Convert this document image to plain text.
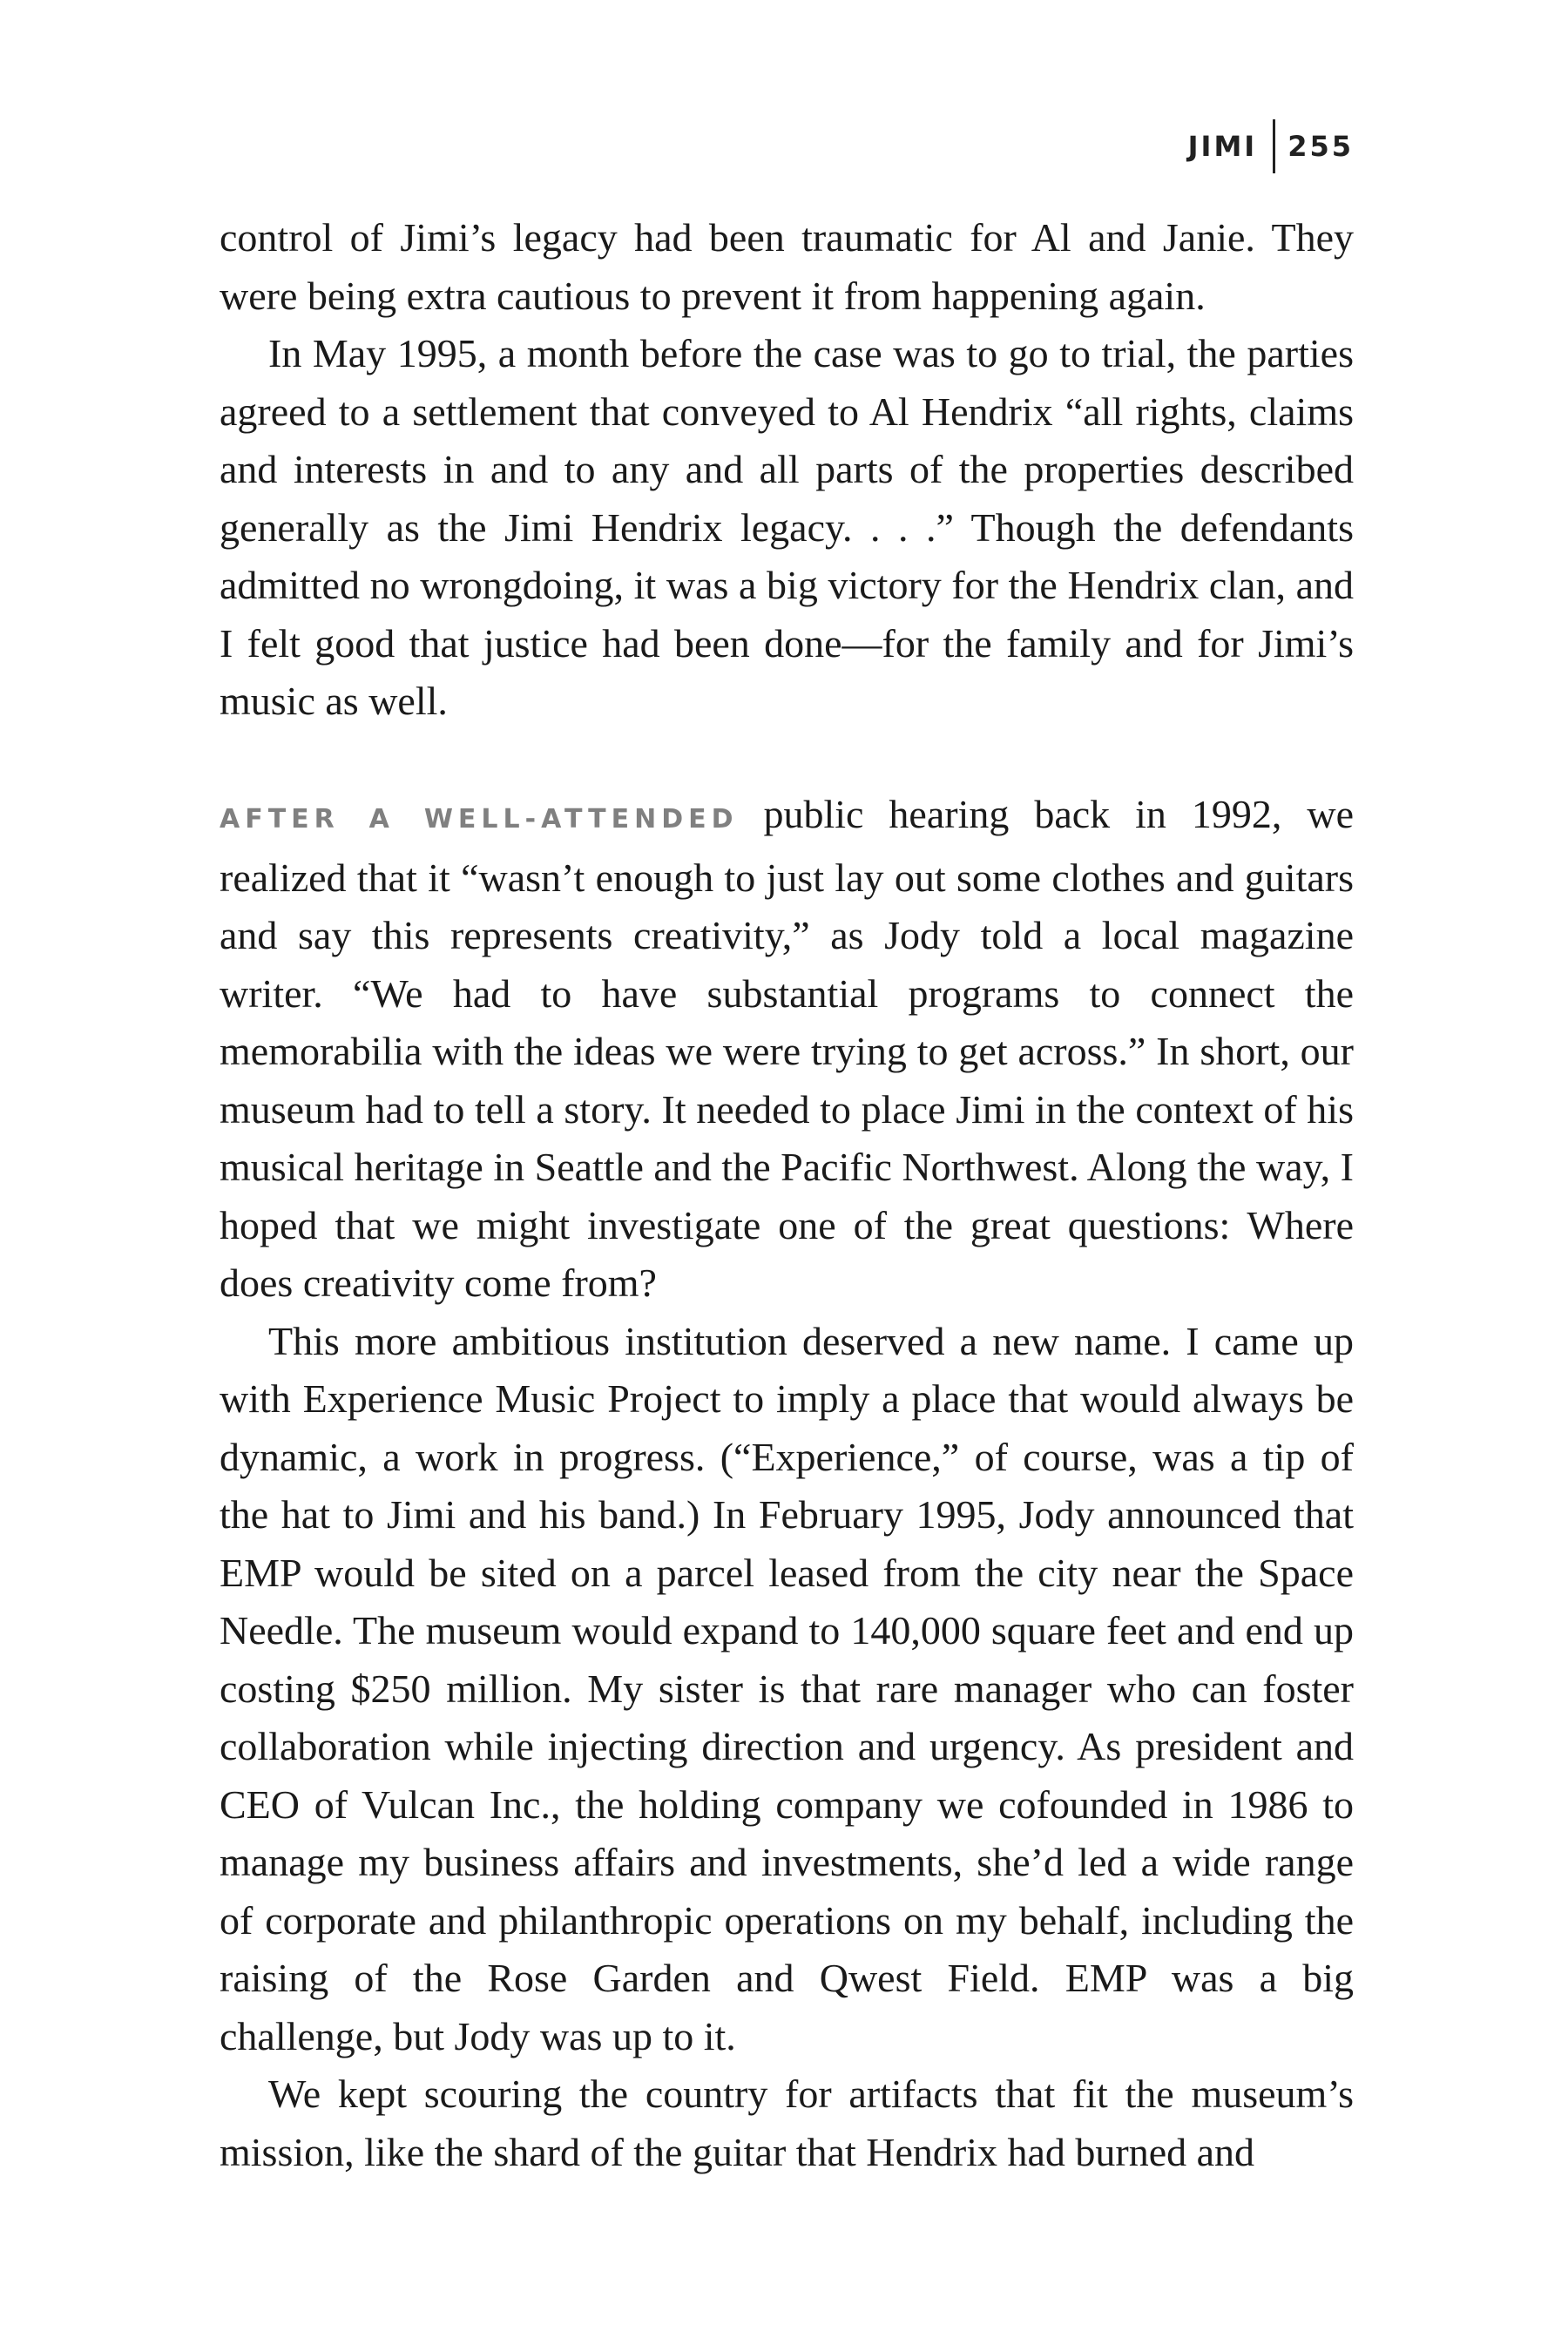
JIMI 255

control of Jimi’s legacy had been traumatic for Al and Janie. They were being extra cautious to prevent it from happening again.

In May 1995, a month before the case was to go to trial, the parties agreed to a settlement that conveyed to Al Hendrix “all rights, claims and interests in and to any and all parts of the properties described generally as the Jimi Hendrix legacy. . . .” Though the defendants admitted no wrongdoing, it was a big victory for the Hendrix clan, and I felt good that justice had been done—for the family and for Jimi’s music as well.

AFTER A WELL-ATTENDED public hearing back in 1992, we realized that it “wasn’t enough to just lay out some clothes and guitars and say this represents creativity,” as Jody told a local magazine writer. “We had to have substantial programs to connect the memorabilia with the ideas we were trying to get across.” In short, our museum had to tell a story. It needed to place Jimi in the context of his musical heritage in Seattle and the Pacific Northwest. Along the way, I hoped that we might investigate one of the great questions: Where does creativity come from?

This more ambitious institution deserved a new name. I came up with Experience Music Project to imply a place that would always be dynamic, a work in progress. (“Experience,” of course, was a tip of the hat to Jimi and his band.) In February 1995, Jody announced that EMP would be sited on a parcel leased from the city near the Space Needle. The museum would expand to 140,000 square feet and end up costing $250 million. My sister is that rare manager who can foster collaboration while injecting direction and urgency. As president and CEO of Vulcan Inc., the holding company we cofounded in 1986 to manage my business affairs and investments, she’d led a wide range of corporate and philanthropic operations on my behalf, including the raising of the Rose Garden and Qwest Field. EMP was a big challenge, but Jody was up to it.

We kept scouring the country for artifacts that fit the museum’s mission, like the shard of the guitar that Hendrix had burned and
